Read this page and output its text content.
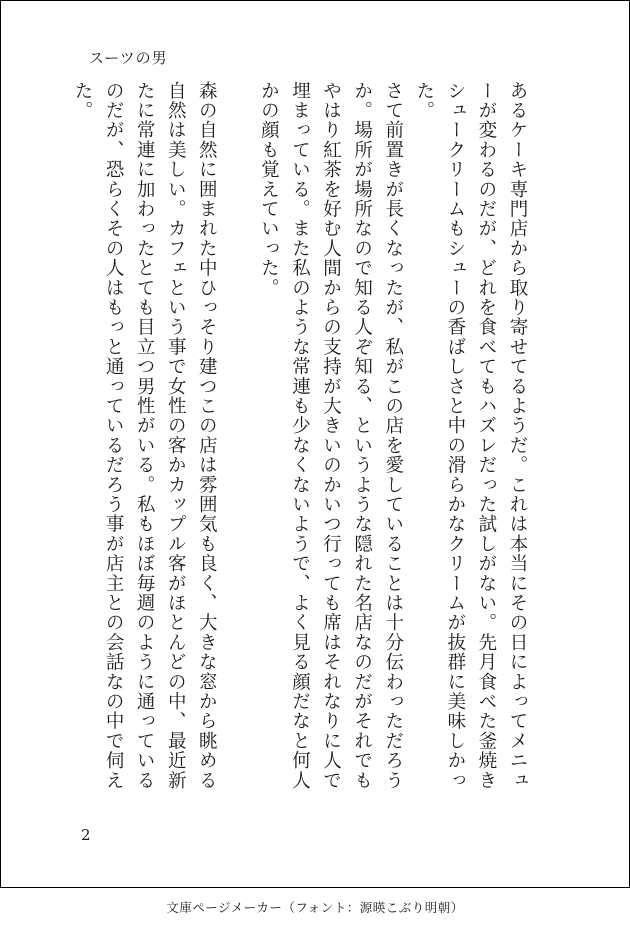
スーツの男

あるケーキ専門店から取り寄せてるようだ。これは本当にその日によってメニューが変わるのだが、どれを食べてもハズレだった試しがない。先月食べた釜焼きシュークリームもシューの香ばしさと中の滑らかなクリームが抜群に美味しかった。

さて前置きが長くなったが、私がこの店を愛していることは十分伝わっただろうか。場所が場所なので知る人ぞ知る、というような隠れた名店なのだがそれでもやはり紅茶を好む人間からの支持が大きいのかいつ行っても席はそれなりに人で埋まっている。また私のような常連も少なくないようで、よく見る顔だなと何人かの顔も覚えていった。

森の自然に囲まれた中ひっそり建つこの店は雰囲気も良く、大きな窓から眺める自然は美しい。カフェという事で女性の客かカップル客がほとんどの中、最近新たに常連に加わったとても目立つ男性がいる。私もほぼ毎週のように通っているのだが、恐らくその人はもっと通っているだろう事が店主との会話なの中で伺えた。

2
文庫ページメーカー（フォント：源暎こぶり明朝）
